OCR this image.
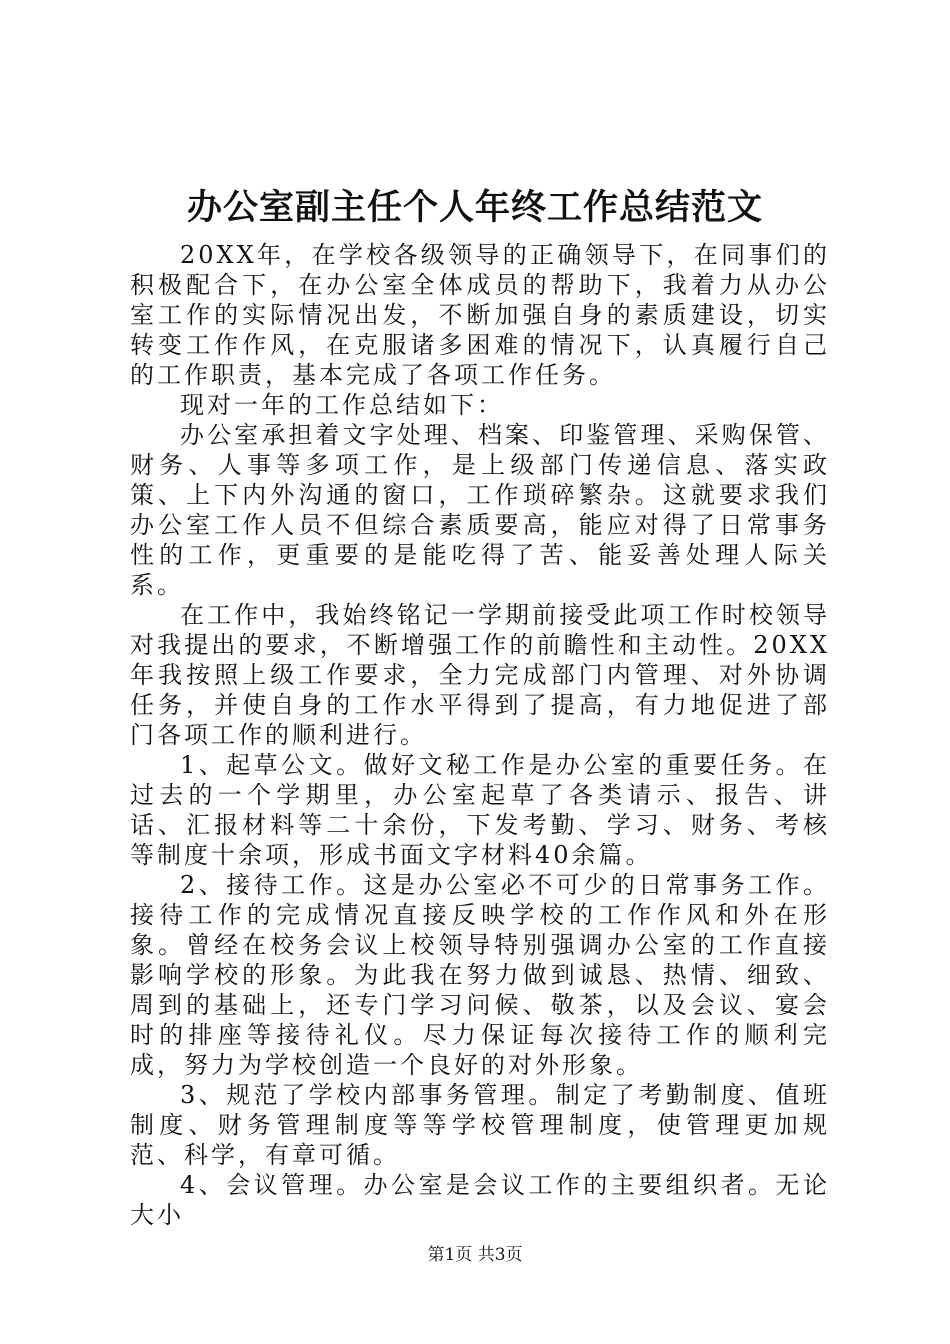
办公室副主任个人年终工作总结范文

20XX年，在学校各级领导的正确领导下，在同事们的积极配合下，在办公室全体成员的帮助下，我着力从办公室工作的实际情况出发，不断加强自身的素质建设，切实转变工作作风，在克服诸多困难的情况下，认真履行自己的工作职责，基本完成了各项工作任务。

现对一年的工作总结如下：

办公室承担着文字处理、档案、印鉴管理、采购保管、财务、人事等多项工作，是上级部门传递信息、落实政策、上下内外沟通的窗口，工作琐碎繁杂。这就要求我们办公室工作人员不但综合素质要高，能应对得了日常事务性的工作，更重要的是能吃得了苦、能妥善处理人际关系。

在工作中，我始终铭记一学期前接受此项工作时校领导对我提出的要求，不断增强工作的前瞻性和主动性。20XX年我按照上级工作要求，全力完成部门内管理、对外协调任务，并使自身的工作水平得到了提高，有力地促进了部门各项工作的顺利进行。

1、起草公文。做好文秘工作是办公室的重要任务。在过去的一个学期里，办公室起草了各类请示、报告、讲话、汇报材料等二十余份，下发考勤、学习、财务、考核等制度十余项，形成书面文字材料40余篇。

2、接待工作。这是办公室必不可少的日常事务工作。接待工作的完成情况直接反映学校的工作作风和外在形象。曾经在校务会议上校领导特别强调办公室的工作直接影响学校的形象。为此我在努力做到诚恳、热情、细致、周到的基础上，还专门学习问候、敬茶，以及会议、宴会时的排座等接待礼仪。尽力保证每次接待工作的顺利完成，努力为学校创造一个良好的对外形象。

3、规范了学校内部事务管理。制定了考勤制度、值班制度、财务管理制度等等学校管理制度，使管理更加规范、科学，有章可循。

4、会议管理。办公室是会议工作的主要组织者。无论大小

第1页 共3页
